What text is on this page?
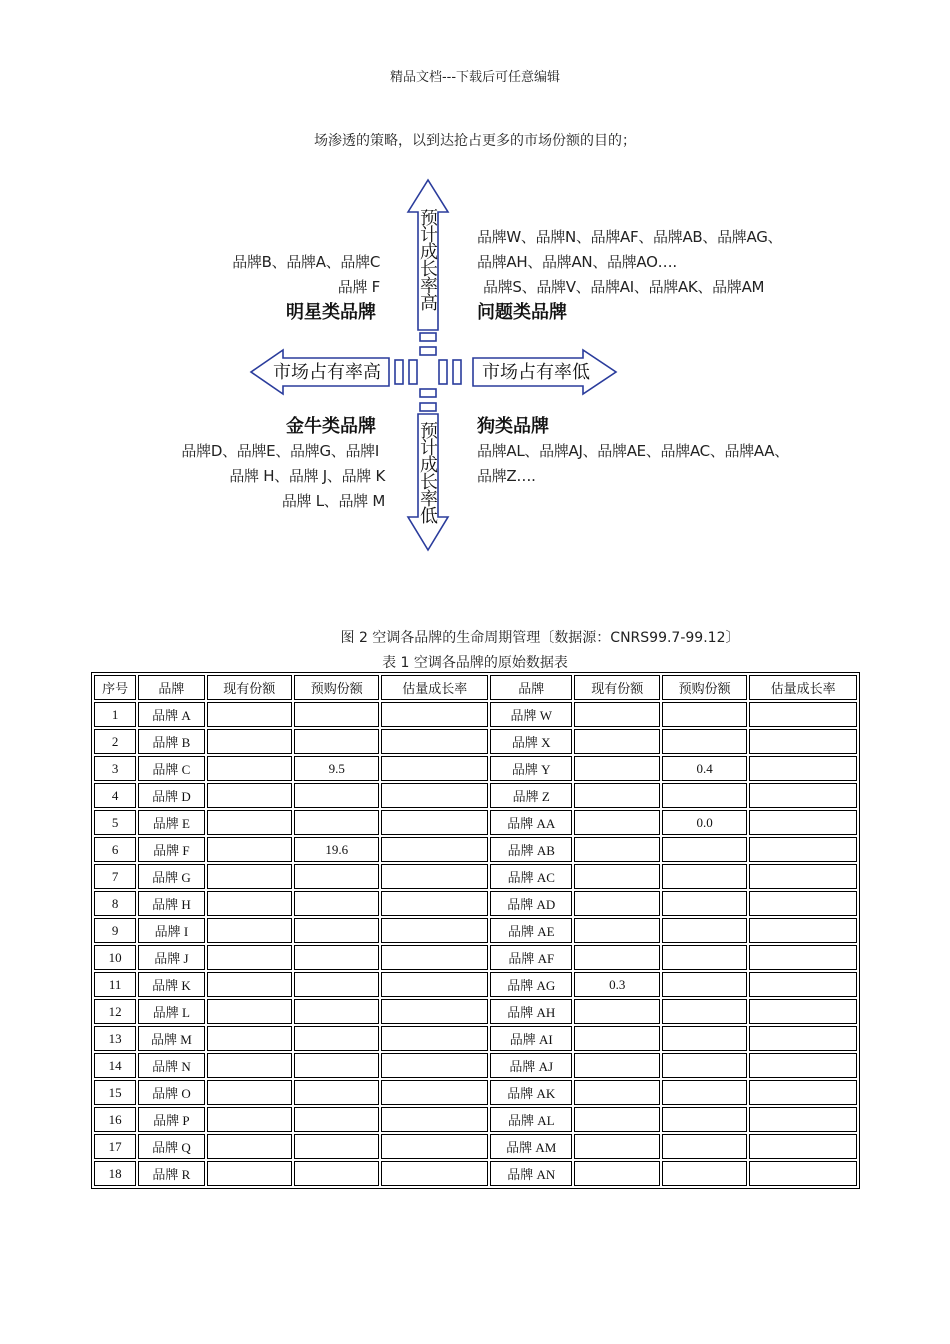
精品文档---下载后可任意编辑
场渗透的策略，以到达抢占更多的市场份额的目的；
预
计
成
长
率
高
预
计
成
长
率
低
市场占有率高	市场占有率低
品牌B、品牌A、品牌C
品牌 F
明星类品牌
品牌W、品牌N、品牌AF、品牌AB、品牌AG、
品牌AH、品牌AN、品牌AO….
品牌S、品牌V、品牌AI、品牌AK、品牌AM
问题类品牌
金牛类品牌
品牌D、品牌E、品牌G、品牌I
品牌 H、品牌 J、品牌 K
品牌 L、品牌 M
狗类品牌
品牌AL、品牌AJ、品牌AE、品牌AC、品牌AA、
品牌Z….
图 2 空调各品牌的生命周期管理〔数据源：CNRS99.7-99.12〕
表 1 空调各品牌的原始数据表
序号	品牌	现有份额	预购份额	估量成长率	品牌	现有份额	预购份额	估量成长率
1	品牌 A				品牌 W			
2	品牌 B				品牌 X			
3	品牌 C		9.5		品牌 Y		0.4	
4	品牌 D				品牌 Z			
5	品牌 E				品牌 AA		0.0	
6	品牌 F		19.6		品牌 AB			
7	品牌 G				品牌 AC			
8	品牌 H				品牌 AD			
9	品牌 I				品牌 AE			
10	品牌 J				品牌 AF			
11	品牌 K				品牌 AG	0.3		
12	品牌 L				品牌 AH			
13	品牌 M				品牌 AI			
14	品牌 N				品牌 AJ			
15	品牌 O				品牌 AK			
16	品牌 P				品牌 AL			
17	品牌 Q				品牌 AM			
18	品牌 R				品牌 AN			
